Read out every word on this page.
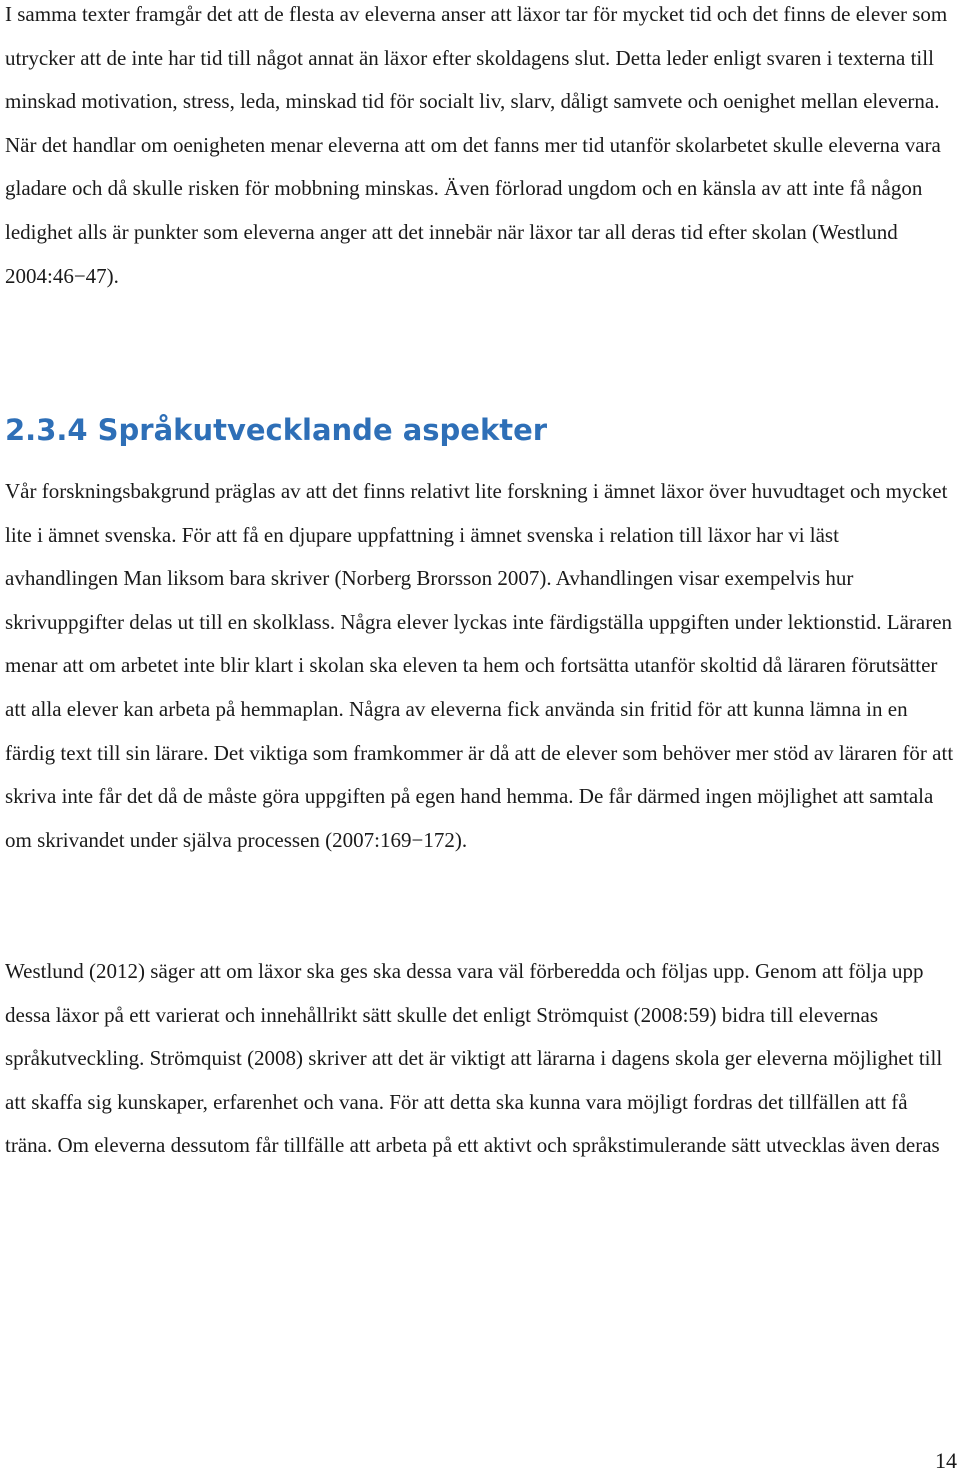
I samma texter framgår det att de flesta av eleverna anser att läxor tar för mycket tid och det finns de elever som utrycker att de inte har tid till något annat än läxor efter skoldagens slut. Detta leder enligt svaren i texterna till minskad motivation, stress, leda, minskad tid för socialt liv, slarv, dåligt samvete och oenighet mellan eleverna. När det handlar om oenigheten menar eleverna att om det fanns mer tid utanför skolarbetet skulle eleverna vara gladare och då skulle risken för mobbning minskas. Även förlorad ungdom och en känsla av att inte få någon ledighet alls är punkter som eleverna anger att det innebär när läxor tar all deras tid efter skolan (Westlund 2004:46−47).

2.3.4 Språkutvecklande aspekter

Vår forskningsbakgrund präglas av att det finns relativt lite forskning i ämnet läxor över huvudtaget och mycket lite i ämnet svenska. För att få en djupare uppfattning i ämnet svenska i relation till läxor har vi läst avhandlingen Man liksom bara skriver (Norberg Brorsson 2007). Avhandlingen visar exempelvis hur skrivuppgifter delas ut till en skolklass. Några elever lyckas inte färdigställa uppgiften under lektionstid. Läraren menar att om arbetet inte blir klart i skolan ska eleven ta hem och fortsätta utanför skoltid då läraren förutsätter att alla elever kan arbeta på hemmaplan. Några av eleverna fick använda sin fritid för att kunna lämna in en färdig text till sin lärare. Det viktiga som framkommer är då att de elever som behöver mer stöd av läraren för att skriva inte får det då de måste göra uppgiften på egen hand hemma. De får därmed ingen möjlighet att samtala om skrivandet under själva processen (2007:169−172).

Westlund (2012) säger att om läxor ska ges ska dessa vara väl förberedda och följas upp. Genom att följa upp dessa läxor på ett varierat och innehållrikt sätt skulle det enligt Strömquist (2008:59) bidra till elevernas språkutveckling. Strömquist (2008) skriver att det är viktigt att lärarna i dagens skola ger eleverna möjlighet till att skaffa sig kunskaper, erfarenhet och vana. För att detta ska kunna vara möjligt fordras det tillfällen att få träna. Om eleverna dessutom får tillfälle att arbeta på ett aktivt och språkstimulerande sätt utvecklas även deras

14
